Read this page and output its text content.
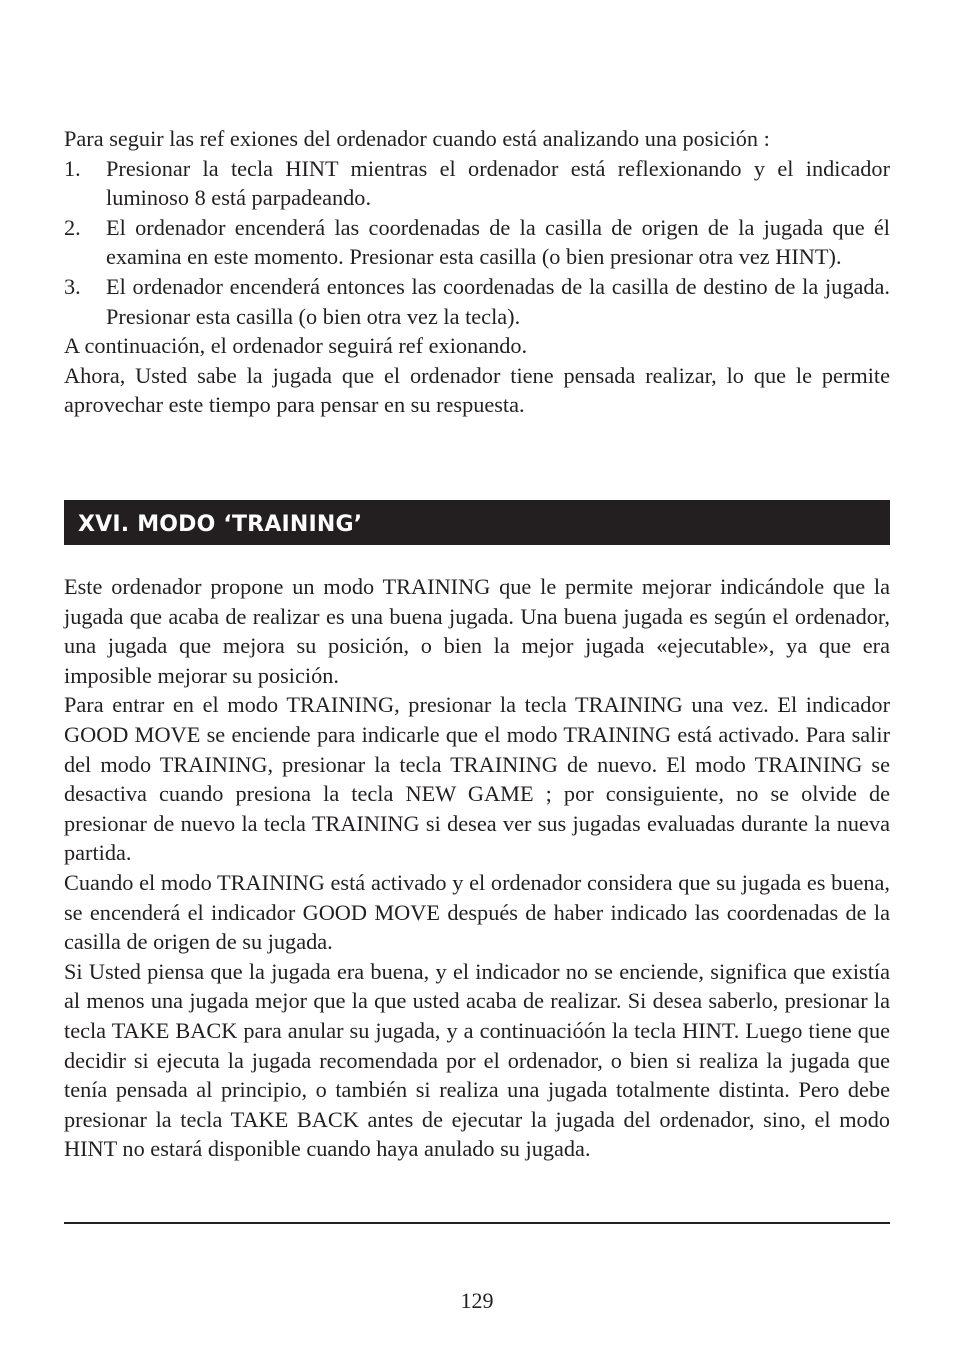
Para seguir las ref exiones del ordenador cuando está analizando una posición :

1. Presionar la tecla HINT mientras el ordenador está reflexionando y el indicador luminoso 8 está parpadeando.
2. El ordenador encenderá las coordenadas de la casilla de origen de la jugada que él examina en este momento. Presionar esta casilla (o bien presionar otra vez HINT).
3. El ordenador encenderá entonces las coordenadas de la casilla de destino de la jugada. Presionar esta casilla (o bien otra vez la tecla).

A continuación, el ordenador seguirá ref exionando.

Ahora, Usted sabe la jugada que el ordenador tiene pensada realizar, lo que le permite aprovechar este tiempo para pensar en su respuesta.

XVI. MODO ‘TRAINING’

Este ordenador propone un modo TRAINING que le permite mejorar indicándole que la jugada que acaba de realizar es una buena jugada. Una buena jugada es según el ordenador, una jugada que mejora su posición, o bien la mejor jugada «ejecutable», ya que era imposible mejorar su posición.

Para entrar en el modo TRAINING, presionar la tecla TRAINING una vez. El indicador GOOD MOVE se enciende para indicarle que el modo TRAINING está activado. Para salir del modo TRAINING, presionar la tecla TRAINING de nuevo. El modo TRAINING se desactiva cuando presiona la tecla NEW GAME ; por consiguiente, no se olvide de presionar de nuevo la tecla TRAINING si desea ver sus jugadas evaluadas durante la nueva partida.

Cuando el modo TRAINING está activado y el ordenador considera que su jugada es buena, se encenderá el indicador GOOD MOVE después de haber indicado las coordenadas de la casilla de origen de su jugada.

Si Usted piensa que la jugada era buena, y el indicador no se enciende, significa que existía al menos una jugada mejor que la que usted acaba de realizar. Si desea saberlo, presionar la tecla TAKE BACK para anular su jugada, y a continuacióón la tecla HINT. Luego tiene que decidir si ejecuta la jugada recomendada por el ordenador, o bien si realiza la jugada que tenía pensada al principio, o también si realiza una jugada totalmente distinta. Pero debe presionar la tecla TAKE BACK antes de ejecutar la jugada del ordenador, sino, el modo HINT no estará disponible cuando haya anulado su jugada.

129
